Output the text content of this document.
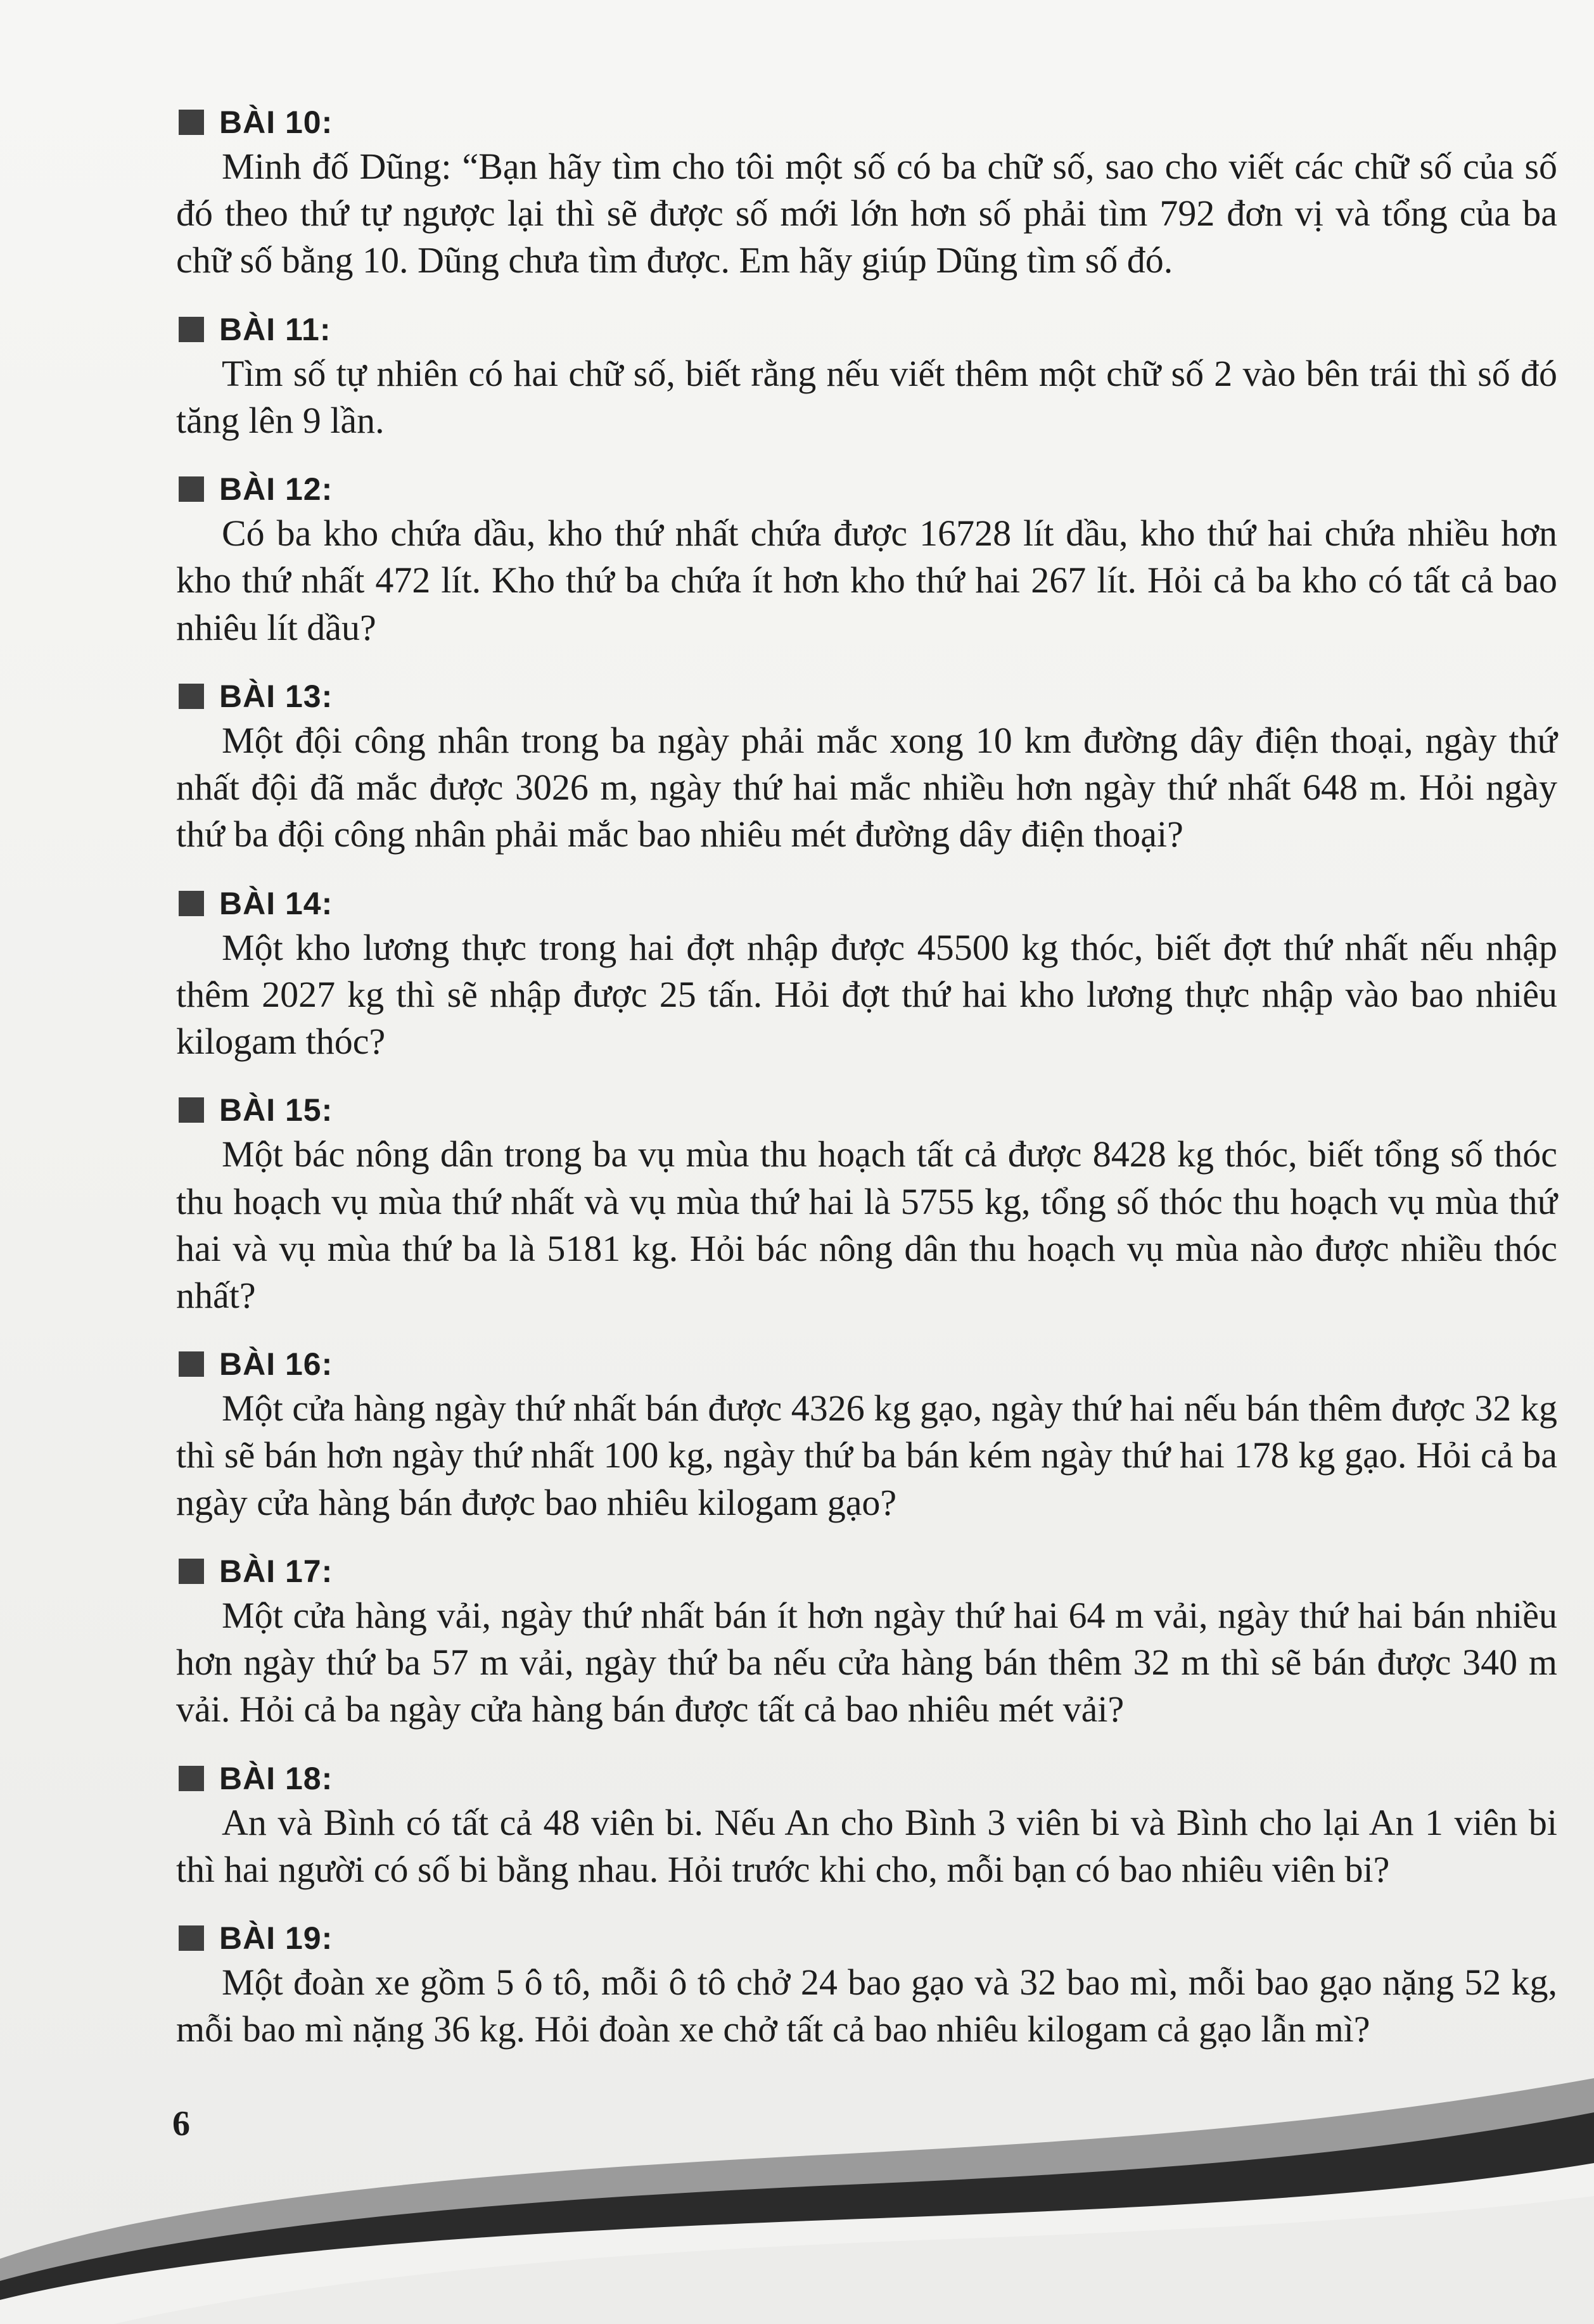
BÀI 10:

Minh đố Dũng: “Bạn hãy tìm cho tôi một số có ba chữ số, sao cho viết các chữ số của số đó theo thứ tự ngược lại thì sẽ được số mới lớn hơn số phải tìm 792 đơn vị và tổng của ba chữ số bằng 10. Dũng chưa tìm được. Em hãy giúp Dũng tìm số đó.

BÀI 11:

Tìm số tự nhiên có hai chữ số, biết rằng nếu viết thêm một chữ số 2 vào bên trái thì số đó tăng lên 9 lần.

BÀI 12:

Có ba kho chứa dầu, kho thứ nhất chứa được 16728 lít dầu, kho thứ hai chứa nhiều hơn kho thứ nhất 472 lít. Kho thứ ba chứa ít hơn kho thứ hai 267 lít. Hỏi cả ba kho có tất cả bao nhiêu lít dầu?

BÀI 13:

Một đội công nhân trong ba ngày phải mắc xong 10 km đường dây điện thoại, ngày thứ nhất đội đã mắc được 3026 m, ngày thứ hai mắc nhiều hơn ngày thứ nhất 648 m. Hỏi ngày thứ ba đội công nhân phải mắc bao nhiêu mét đường dây điện thoại?

BÀI 14:

Một kho lương thực trong hai đợt nhập được 45500 kg thóc, biết đợt thứ nhất nếu nhập thêm 2027 kg thì sẽ nhập được 25 tấn. Hỏi đợt thứ hai kho lương thực nhập vào bao nhiêu kilogam thóc?

BÀI 15:

Một bác nông dân trong ba vụ mùa thu hoạch tất cả được 8428 kg thóc, biết tổng số thóc thu hoạch vụ mùa thứ nhất và vụ mùa thứ hai là 5755 kg, tổng số thóc thu hoạch vụ mùa thứ hai và vụ mùa thứ ba là 5181 kg. Hỏi bác nông dân thu hoạch vụ mùa nào được nhiều thóc nhất?

BÀI 16:

Một cửa hàng ngày thứ nhất bán được 4326 kg gạo, ngày thứ hai nếu bán thêm được 32 kg thì sẽ bán hơn ngày thứ nhất 100 kg, ngày thứ ba bán kém ngày thứ hai 178 kg gạo. Hỏi cả ba ngày cửa hàng bán được bao nhiêu kilogam gạo?

BÀI 17:

Một cửa hàng vải, ngày thứ nhất bán ít hơn ngày thứ hai 64 m vải, ngày thứ hai bán nhiều hơn ngày thứ ba 57 m vải, ngày thứ ba nếu cửa hàng bán thêm 32 m thì sẽ bán được 340 m vải. Hỏi cả ba ngày cửa hàng bán được tất cả bao nhiêu mét vải?

BÀI 18:

An và Bình có tất cả 48 viên bi. Nếu An cho Bình 3 viên bi và Bình cho lại An 1 viên bi thì hai người có số bi bằng nhau. Hỏi trước khi cho, mỗi bạn có bao nhiêu viên bi?

BÀI 19:

Một đoàn xe gồm 5 ô tô, mỗi ô tô chở 24 bao gạo và 32 bao mì, mỗi bao gạo nặng 52 kg, mỗi bao mì nặng 36 kg. Hỏi đoàn xe chở tất cả bao nhiêu kilogam cả gạo lẫn mì?

6
